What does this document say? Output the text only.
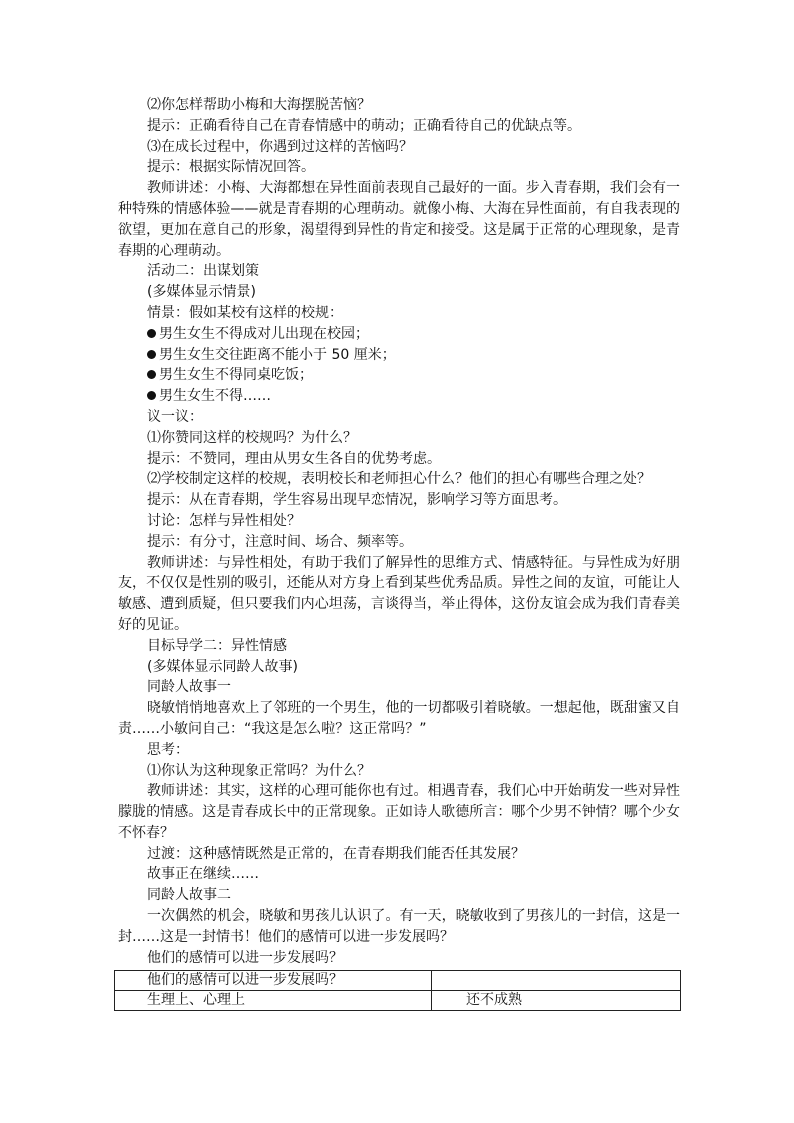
⑵你怎样帮助小梅和大海摆脱苦恼？
提示：正确看待自己在青春情感中的萌动；正确看待自己的优缺点等。
⑶在成长过程中，你遇到过这样的苦恼吗？
提示：根据实际情况回答。
教师讲述：小梅、大海都想在异性面前表现自己最好的一面。步入青春期，我们会有一种特殊的情感体验——就是青春期的心理萌动。就像小梅、大海在异性面前，有自我表现的欲望，更加在意自己的形象，渴望得到异性的肯定和接受。这是属于正常的心理现象，是青春期的心理萌动。
活动二：出谋划策
(多媒体显示情景)
情景：假如某校有这样的校规：
男生女生不得成对儿出现在校园；
男生女生交往距离不能小于 50 厘米；
男生女生不得同桌吃饭；
男生女生不得……
议一议：
⑴你赞同这样的校规吗？为什么？
提示：不赞同，理由从男女生各自的优势考虑。
⑵学校制定这样的校规，表明校长和老师担心什么？他们的担心有哪些合理之处？
提示：从在青春期，学生容易出现早恋情况，影响学习等方面思考。
讨论：怎样与异性相处？
提示：有分寸，注意时间、场合、频率等。
教师讲述：与异性相处，有助于我们了解异性的思维方式、情感特征。与异性成为好朋友，不仅仅是性别的吸引，还能从对方身上看到某些优秀品质。异性之间的友谊，可能让人敏感、遭到质疑，但只要我们内心坦荡，言谈得当，举止得体，这份友谊会成为我们青春美好的见证。
目标导学二：异性情感
(多媒体显示同龄人故事)
同龄人故事一
晓敏悄悄地喜欢上了邻班的一个男生，他的一切都吸引着晓敏。一想起他，既甜蜜又自责……小敏问自己：“我这是怎么啦？这正常吗？”
思考：
⑴你认为这种现象正常吗？为什么？
教师讲述：其实，这样的心理可能你也有过。相遇青春，我们心中开始萌发一些对异性朦胧的情感。这是青春成长中的正常现象。正如诗人歌德所言：哪个少男不钟情？哪个少女不怀春？
过渡：这种感情既然是正常的，在青春期我们能否任其发展？
故事正在继续……
同龄人故事二
一次偶然的机会，晓敏和男孩儿认识了。有一天，晓敏收到了男孩儿的一封信，这是一封……这是一封情书！他们的感情可以进一步发展吗？
他们的感情可以进一步发展吗？
他们的感情可以进一步发展吗？	
生理上、心理上	还不成熟
